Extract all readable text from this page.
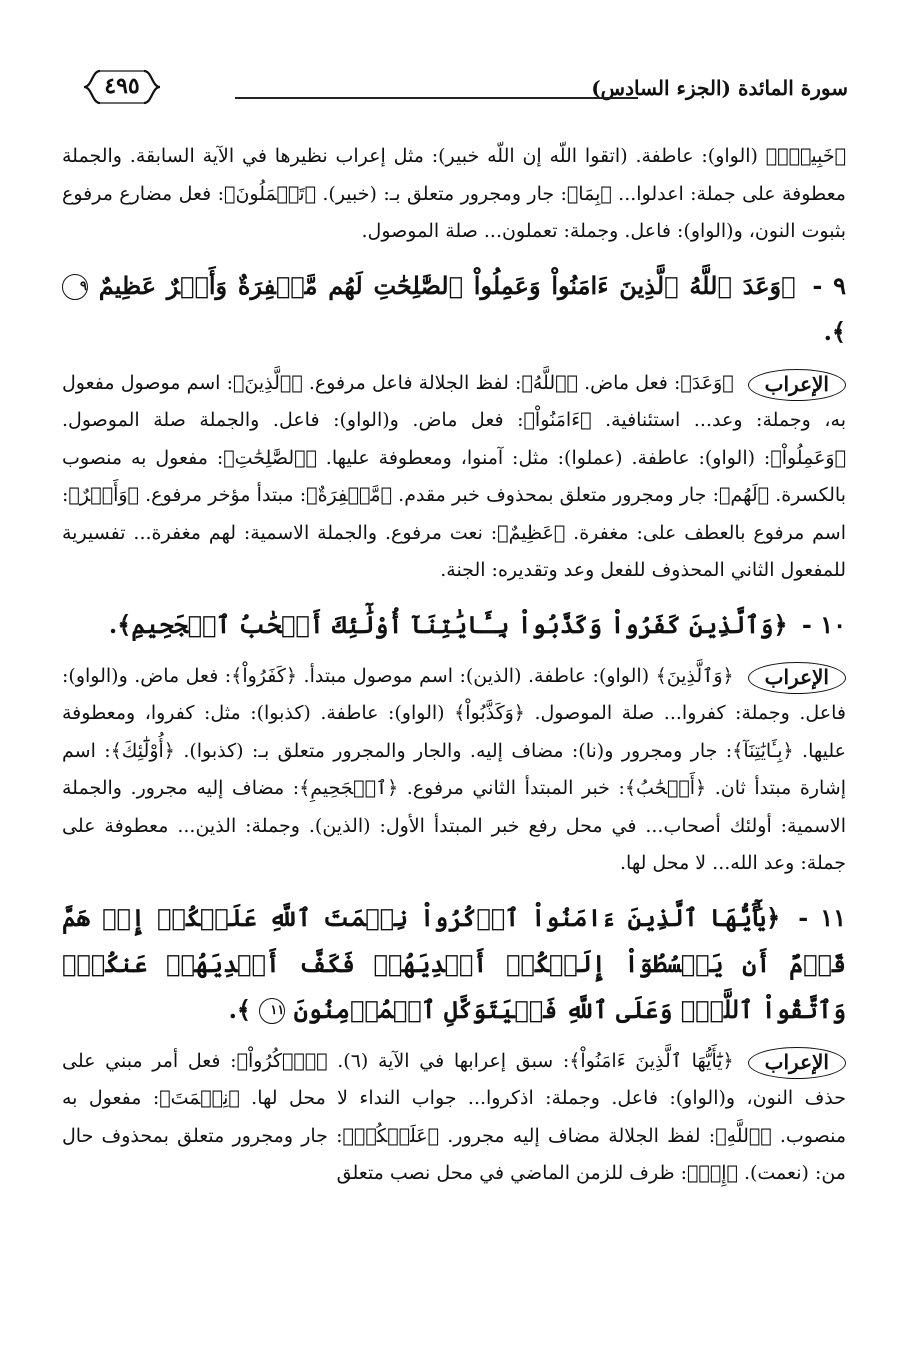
سورة المائدة (الجزء السادس)
٤٩٥

﴿خَبِيرٌۢ﴾ (الواو): عاطفة. (اتقوا اللّه إن اللّه خبير): مثل إعراب نظيرها في الآية السابقة. والجملة معطوفة على جملة: اعدلوا... ﴿بِمَا﴾: جار ومجرور متعلق بـ: (خبير). ﴿تَعۡمَلُونَ﴾: فعل مضارع مرفوع بثبوت النون، و(الواو): فاعل. وجملة: تعملون... صلة الموصول.

٩ - ﴿وَعَدَ ٱللَّهُ ٱلَّذِينَ ءَامَنُواْ وَعَمِلُواْ ٱلصَّٰلِحَٰتِ لَهُم مَّغۡفِرَةٌ وَأَجۡرٌ عَظِيمٌ ٩ ﴾.
الإعراب

﴿وَعَدَ﴾: فعل ماض. ﴿ٱللَّهُ﴾: لفظ الجلالة فاعل مرفوع. ﴿ٱلَّذِينَ﴾: اسم موصول مفعول به، وجملة: وعد... استئنافية. ﴿ءَامَنُواْ﴾: فعل ماض. و(الواو): فاعل. والجملة صلة الموصول. ﴿وَعَمِلُواْ﴾: (الواو): عاطفة. (عملوا): مثل: آمنوا، ومعطوفة عليها. ﴿ٱلصَّٰلِحَٰتِ﴾: مفعول به منصوب بالكسرة. ﴿لَهُم﴾: جار ومجرور متعلق بمحذوف خبر مقدم. ﴿مَّغۡفِرَةٌ﴾: مبتدأ مؤخر مرفوع. ﴿وَأَجۡرٌ﴾: اسم مرفوع بالعطف على: مغفرة. ﴿عَظِيمٌ﴾: نعت مرفوع. والجملة الاسمية: لهم مغفرة... تفسيرية للمفعول الثاني المحذوف للفعل وعد وتقديره: الجنة.

١٠ - ﴿وَٱلَّذِينَ كَفَرُواْ وَكَذَّبُواْ بِـَٔايَٰتِنَآ أُوْلَٰٓئِكَ أَصۡحَٰبُ ٱلۡجَحِيمِ﴾.
الإعراب

﴿وَٱلَّذِينَ﴾ (الواو): عاطفة. (الذين): اسم موصول مبتدأ. ﴿كَفَرُواْ﴾: فعل ماض. و(الواو): فاعل. وجملة: كفروا... صلة الموصول. ﴿وَكَذَّبُواْ﴾ (الواو): عاطفة. (كذبوا): مثل: كفروا، ومعطوفة عليها. ﴿بِـَٔايَٰتِنَآ﴾: جار ومجرور و(نا): مضاف إليه. والجار والمجرور متعلق بـ: (كذبوا). ﴿أُوْلَٰٓئِكَ﴾: اسم إشارة مبتدأ ثان. ﴿أَصۡحَٰبُ﴾: خبر المبتدأ الثاني مرفوع. ﴿ٱلۡجَحِيمِ﴾: مضاف إليه مجرور. والجملة الاسمية: أولئك أصحاب... في محل رفع خبر المبتدأ الأول: (الذين). وجملة: الذين... معطوفة على جملة: وعد الله... لا محل لها.

١١ - ﴿يَٰٓأَيُّهَا ٱلَّذِينَ ءَامَنُواْ ٱذۡكُرُواْ نِعۡمَتَ ٱللَّهِ عَلَيۡكُمۡ إِذۡ هَمَّ قَوۡمٌ أَن يَبۡسُطُوٓاْ إِلَيۡكُمۡ أَيۡدِيَهُمۡ فَكَفَّ أَيۡدِيَهُمۡ عَنكُمۡۖ وَٱتَّقُواْ ٱللَّهَۚ وَعَلَى ٱللَّهِ فَلۡيَتَوَكَّلِ ٱلۡمُؤۡمِنُونَ ١١ ﴾.
الإعراب

﴿يَٰٓأَيُّهَا ٱلَّذِينَ ءَامَنُواْ﴾: سبق إعرابها في الآية (٦). ﴿ٱذۡكُرُواْ﴾: فعل أمر مبني على حذف النون، و(الواو): فاعل. وجملة: اذكروا... جواب النداء لا محل لها. ﴿نِعۡمَتَ﴾: مفعول به منصوب. ﴿ٱللَّهِ﴾: لفظ الجلالة مضاف إليه مجرور. ﴿عَلَيۡكُمۡ﴾: جار ومجرور متعلق بمحذوف حال من: (نعمت). ﴿إِذۡ﴾: ظرف للزمن الماضي في محل نصب متعلق
